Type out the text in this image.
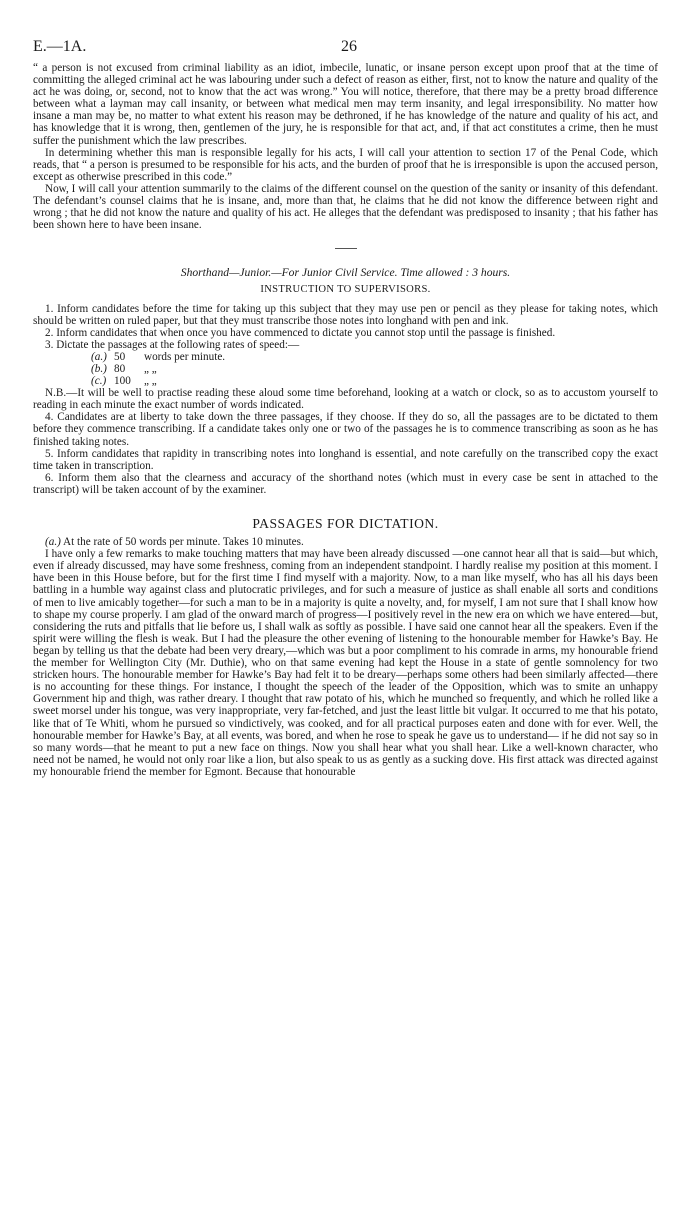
E.—1A.	26

“ a person is not excused from criminal liability as an idiot, imbecile, lunatic, or insane person except upon proof that at the time of committing the alleged criminal act he was labouring under such a defect of reason as either, first, not to know the nature and quality of the act he was doing, or, second, not to know that the act was wrong.” You will notice, therefore, that there may be a pretty broad difference between what a layman may call insanity, or between what medical men may term insanity, and legal irresponsibility. No matter how insane a man may be, no matter to what extent his reason may be dethroned, if he has knowledge of the nature and quality of his act, and has knowledge that it is wrong, then, gentlemen of the jury, he is responsible for that act, and, if that act constitutes a crime, then he must suffer the punishment which the law prescribes.

In determining whether this man is responsible legally for his acts, I will call your attention to section 17 of the Penal Code, which reads, that “ a person is presumed to be responsible for his acts, and the burden of proof that he is irresponsible is upon the accused person, except as otherwise prescribed in this code.”

Now, I will call your attention summarily to the claims of the different counsel on the question of the sanity or insanity of this defendant. The defendant’s counsel claims that he is insane, and, more than that, he claims that he did not know the difference between right and wrong ; that he did not know the nature and quality of his act. He alleges that the defendant was predisposed to insanity ; that his father has been shown here to have been insane.

Shorthand—Junior.—For Junior Civil Service. Time allowed : 3 hours.

INSTRUCTION TO SUPERVISORS.

1. Inform candidates before the time for taking up this subject that they may use pen or pencil as they please for taking notes, which should be written on ruled paper, but that they must transcribe those notes into longhand with pen and ink.

2. Inform candidates that when once you have commenced to dictate you cannot stop until the passage is finished.

3. Dictate the passages at the following rates of speed:—

(a.) 50 words per minute.

(b.) 80 „ „

(c.) 100 „ „

N.B.—It will be well to practise reading these aloud some time beforehand, looking at a watch or clock, so as to accustom yourself to reading in each minute the exact number of words indicated.

4. Candidates are at liberty to take down the three passages, if they choose. If they do so, all the passages are to be dictated to them before they commence transcribing. If a candidate takes only one or two of the passages he is to commence transcribing as soon as he has finished taking notes.

5. Inform candidates that rapidity in transcribing notes into longhand is essential, and note carefully on the transcribed copy the exact time taken in transcription.

6. Inform them also that the clearness and accuracy of the shorthand notes (which must in every case be sent in attached to the transcript) will be taken account of by the examiner.

PASSAGES FOR DICTATION.

(a.) At the rate of 50 words per minute. Takes 10 minutes.

I have only a few remarks to make touching matters that may have been already discussed —one cannot hear all that is said—but which, even if already discussed, may have some freshness, coming from an independent standpoint. I hardly realise my position at this moment. I have been in this House before, but for the first time I find myself with a majority. Now, to a man like myself, who has all his days been battling in a humble way against class and plutocratic privileges, and for such a measure of justice as shall enable all sorts and conditions of men to live amicably together—for such a man to be in a majority is quite a novelty, and, for myself, I am not sure that I shall know how to shape my course properly. I am glad of the onward march of progress—I positively revel in the new era on which we have entered—but, considering the ruts and pitfalls that lie before us, I shall walk as softly as possible. I have said one cannot hear all the speakers. Even if the spirit were willing the flesh is weak. But I had the pleasure the other evening of listening to the honourable member for Hawke’s Bay. He began by telling us that the debate had been very dreary,—which was but a poor compliment to his comrade in arms, my honourable friend the member for Wellington City (Mr. Duthie), who on that same evening had kept the House in a state of gentle somnolency for two stricken hours. The honourable member for Hawke’s Bay had felt it to be dreary—perhaps some others had been similarly affected—there is no accounting for these things. For instance, I thought the speech of the leader of the Opposition, which was to smite an unhappy Government hip and thigh, was rather dreary. I thought that raw potato of his, which he munched so frequently, and which he rolled like a sweet morsel under his tongue, was very inappropriate, very far-fetched, and just the least little bit vulgar. It occurred to me that his potato, like that of Te Whiti, whom he pursued so vindictively, was cooked, and for all practical purposes eaten and done with for ever. Well, the honourable member for Hawke’s Bay, at all events, was bored, and when he rose to speak he gave us to understand— if he did not say so in so many words—that he meant to put a new face on things. Now you shall hear what you shall hear. Like a well-known character, who need not be named, he would not only roar like a lion, but also speak to us as gently as a sucking dove. His first attack was directed against my honourable friend the member for Egmont. Because that honourable
